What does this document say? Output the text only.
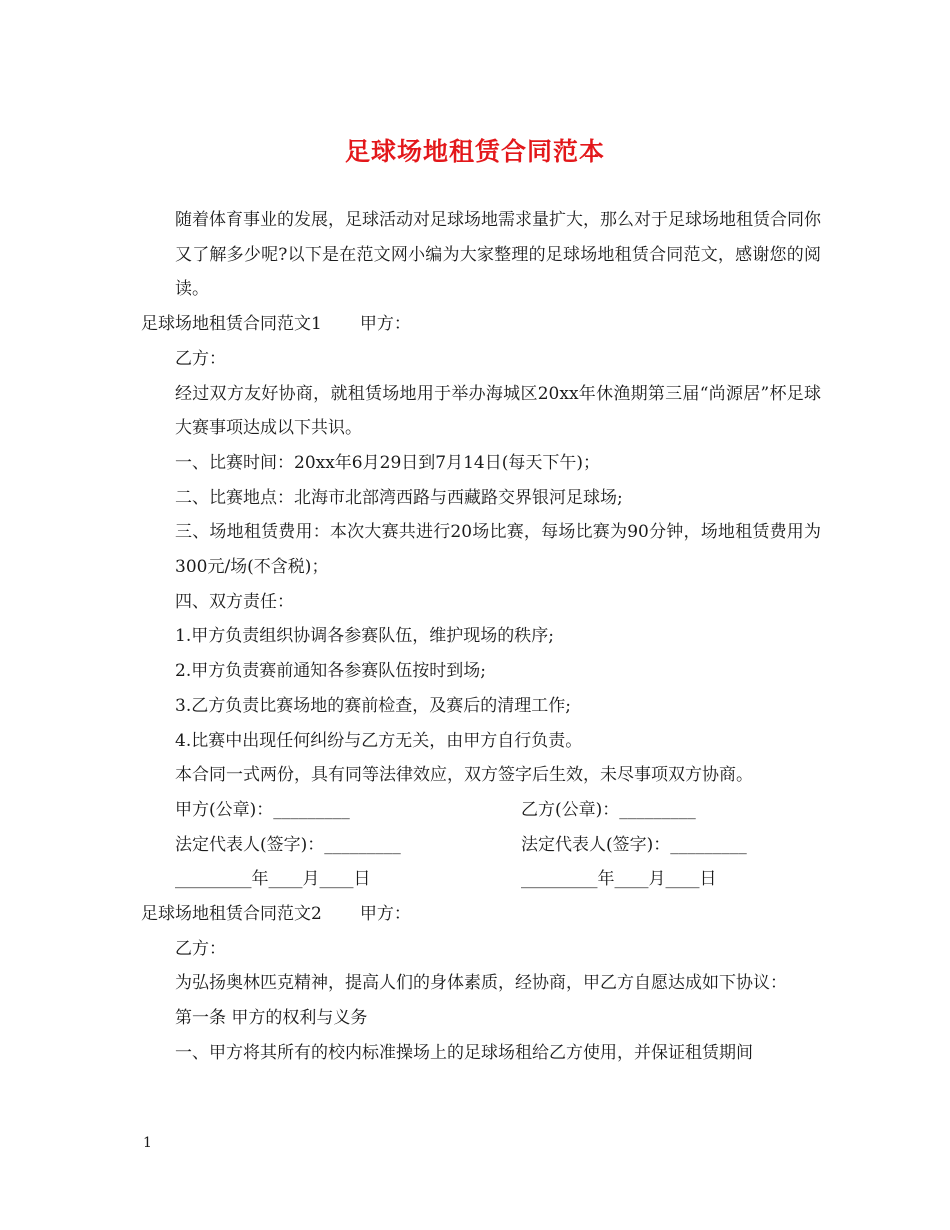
足球场地租赁合同范本

随着体育事业的发展，足球活动对足球场地需求量扩大，那么对于足球场地租赁合同你又了解多少呢?以下是在范文网小编为大家整理的足球场地租赁合同范文，感谢您的阅读。

足球场地租赁合同范文1 甲方：

乙方：

经过双方友好协商，就租赁场地用于举办海城区20xx年休渔期第三届“尚源居”杯足球大赛事项达成以下共识。

一、比赛时间：20xx年6月29日到7月14日(每天下午)；

二、比赛地点：北海市北部湾西路与西藏路交界银河足球场;

三、场地租赁费用：本次大赛共进行20场比赛，每场比赛为90分钟，场地租赁费用为300元/场(不含税)；

四、双方责任：

1.甲方负责组织协调各参赛队伍，维护现场的秩序;

2.甲方负责赛前通知各参赛队伍按时到场;

3.乙方负责比赛场地的赛前检查，及赛后的清理工作;

4.比赛中出现任何纠纷与乙方无关，由甲方自行负责。

本合同一式两份，具有同等法律效应，双方签字后生效，未尽事项双方协商。

甲方(公章)：_________	乙方(公章)：_________
法定代表人(签字)：_________	法定代表人(签字)：_________
_________年____月____日	_________年____月____日

足球场地租赁合同范文2 甲方：

乙方：

为弘扬奥林匹克精神，提高人们的身体素质，经协商，甲乙方自愿达成如下协议：

第一条 甲方的权利与义务

一、甲方将其所有的校内标准操场上的足球场租给乙方使用，并保证租赁期间

1
